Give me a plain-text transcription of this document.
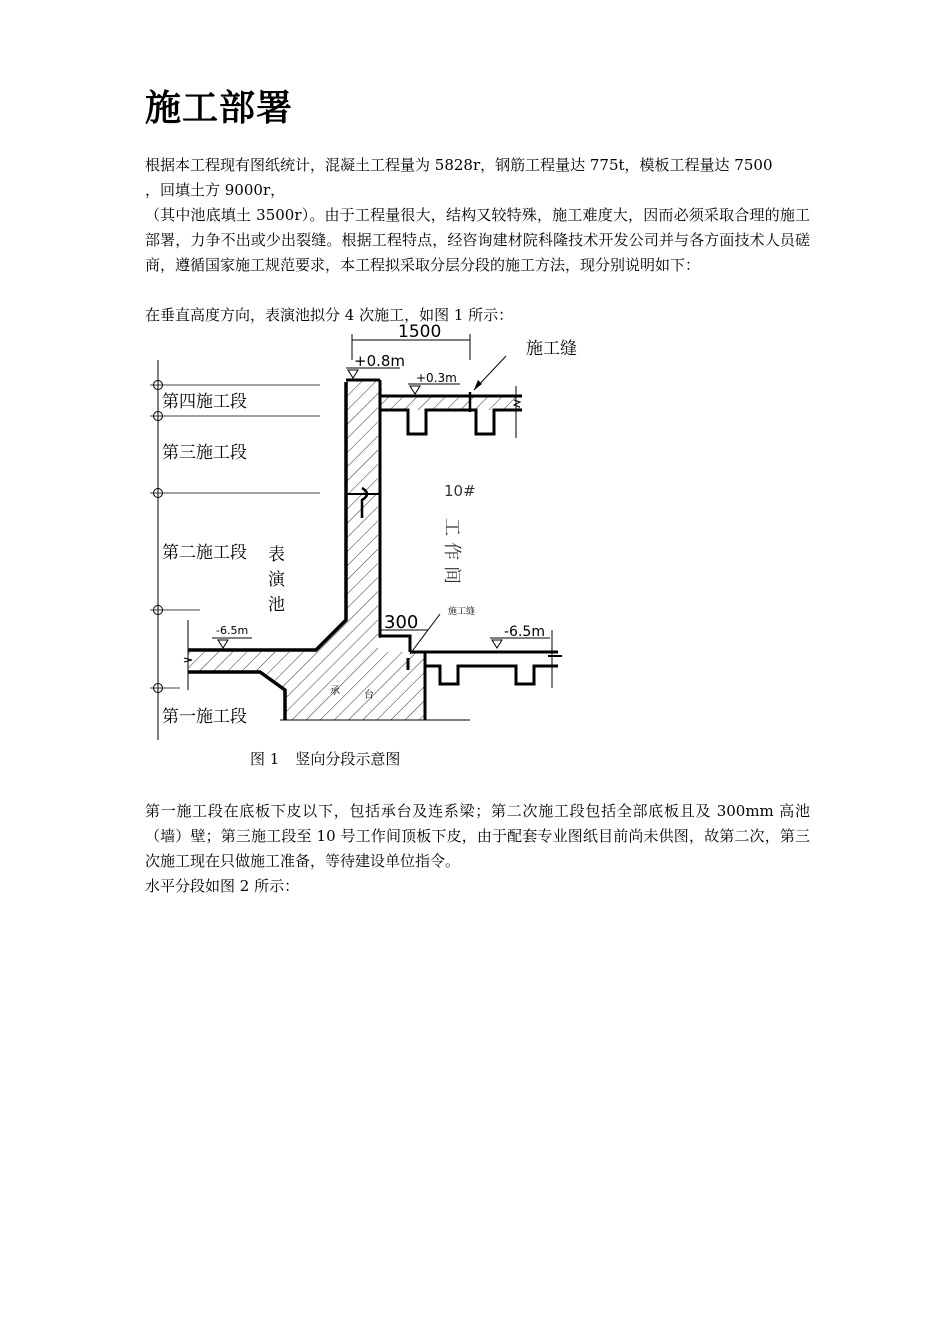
施工部署

根据本工程现有图纸统计，混凝土工程量为 5828r，钢筋工程量达 775t，模板工程量达 7500

，回填土方 9000r，

（其中池底填土 3500r）。由于工程量很大，结构又较特殊，施工难度大，因而必须采取合理的施工部署，力争不出或少出裂缝。根据工程特点，经咨询建材院科隆技术开发公司并与各方面技术人员磋商，遵循国家施工规范要求，本工程拟采取分层分段的施工方法，现分别说明如下：

在垂直高度方向，表演池拟分 4 次施工，如图 1 所示：

1500
+0.8m
+0.3m
施工缝
第四施工段
第三施工段
第二施工段
第一施工段
表
演
池
10#
工
作
间
-6.5m	-6.5m
300	施工缝
承 台
图 1 竖向分段示意图

第一施工段在底板下皮以下，包括承台及连系梁；第二次施工段包括全部底板且及 300mm 高池（墙）壁；第三施工段至 10 号工作间顶板下皮，由于配套专业图纸目前尚未供图，故第二次，第三次施工现在只做施工准备，等待建设单位指令。

水平分段如图 2 所示：
